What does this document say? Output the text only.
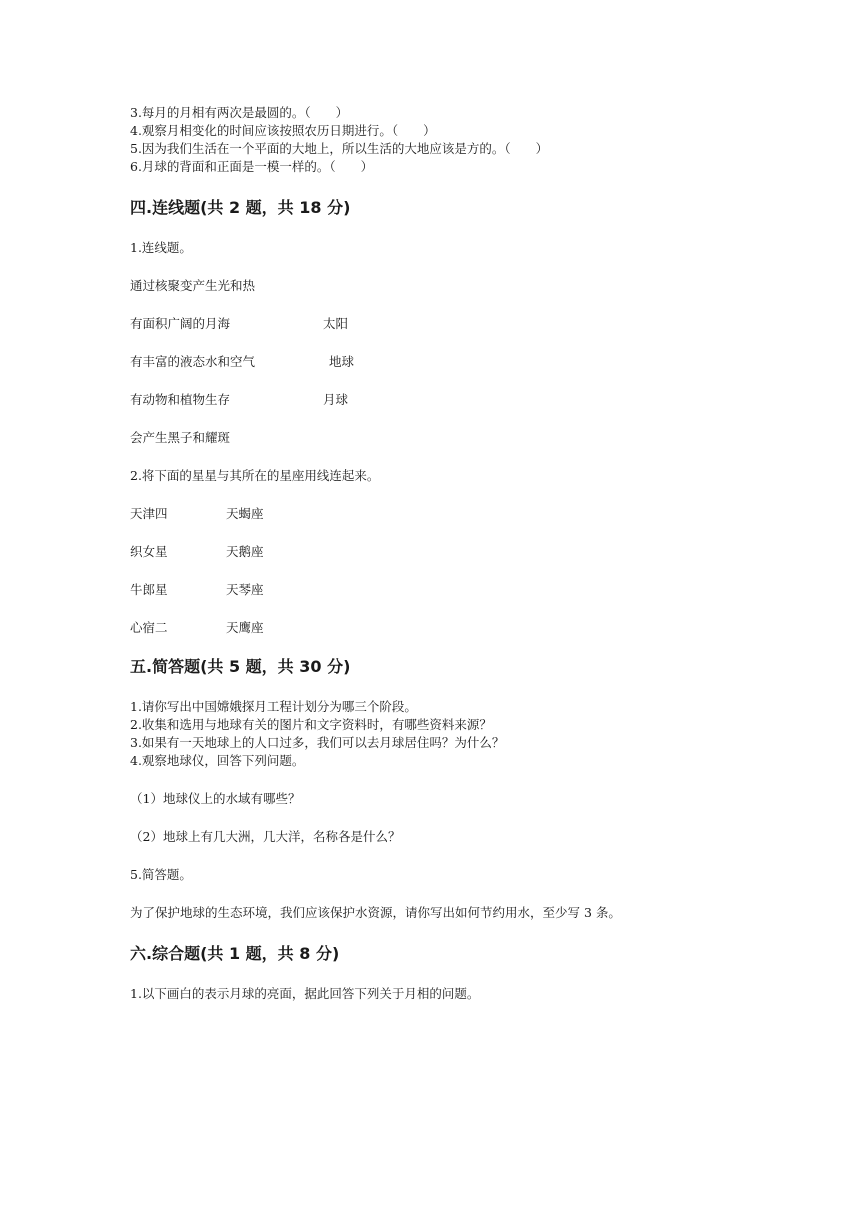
3.每月的月相有两次是最圆的。（　　）
4.观察月相变化的时间应该按照农历日期进行。（　　）
5.因为我们生活在一个平面的大地上，所以生活的大地应该是方的。（　　）
6.月球的背面和正面是一模一样的。（　　）
四.连线题(共 2 题，共 18 分)
1.连线题。
通过核聚变产生光和热
有面积广阔的月海	太阳
有丰富的液态水和空气	地球
有动物和植物生存	月球
会产生黑子和耀斑
2.将下面的星星与其所在的星座用线连起来。
天津四	天蝎座
织女星	天鹅座
牛郎星	天琴座
心宿二	天鹰座
五.简答题(共 5 题，共 30 分)
1.请你写出中国嫦娥探月工程计划分为哪三个阶段。
2.收集和选用与地球有关的图片和文字资料时，有哪些资料来源？
3.如果有一天地球上的人口过多，我们可以去月球居住吗？为什么？
4.观察地球仪，回答下列问题。
（1）地球仪上的水域有哪些？
（2）地球上有几大洲，几大洋，名称各是什么？
5.简答题。
为了保护地球的生态环境，我们应该保护水资源，请你写出如何节约用水，至少写 3 条。
六.综合题(共 1 题，共 8 分)
1.以下画白的表示月球的亮面，据此回答下列关于月相的问题。
